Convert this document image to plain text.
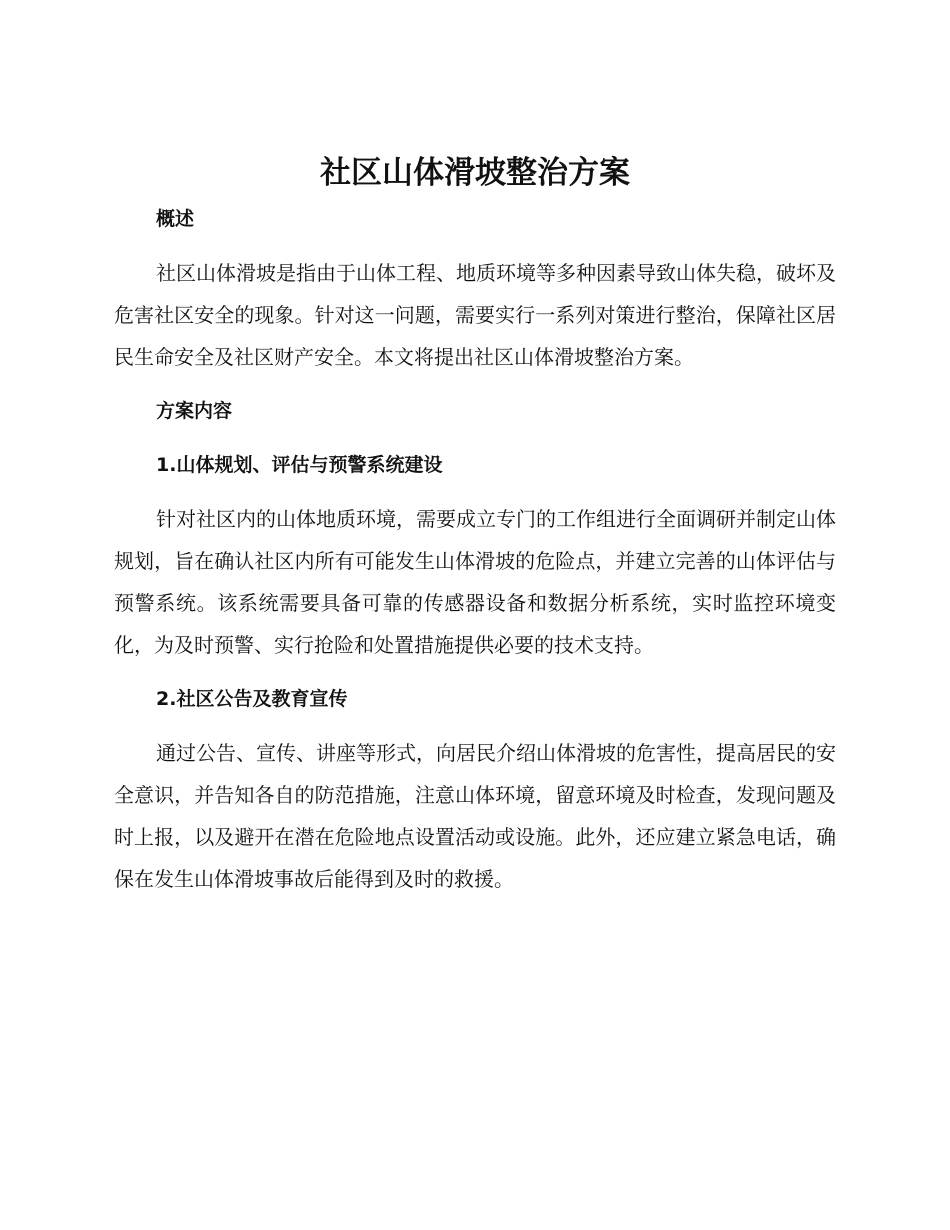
社区山体滑坡整治方案
概述

社区山体滑坡是指由于山体工程、地质环境等多种因素导致山体失稳，破坏及危害社区安全的现象。针对这一问题，需要实行一系列对策进行整治，保障社区居民生命安全及社区财产安全。本文将提出社区山体滑坡整治方案。

方案内容
1.山体规划、评估与预警系统建设

针对社区内的山体地质环境，需要成立专门的工作组进行全面调研并制定山体规划，旨在确认社区内所有可能发生山体滑坡的危险点，并建立完善的山体评估与预警系统。该系统需要具备可靠的传感器设备和数据分析系统，实时监控环境变化，为及时预警、实行抢险和处置措施提供必要的技术支持。

2.社区公告及教育宣传

通过公告、宣传、讲座等形式，向居民介绍山体滑坡的危害性，提高居民的安全意识，并告知各自的防范措施，注意山体环境，留意环境及时检查，发现问题及时上报，以及避开在潜在危险地点设置活动或设施。此外，还应建立紧急电话，确保在发生山体滑坡事故后能得到及时的救援。
